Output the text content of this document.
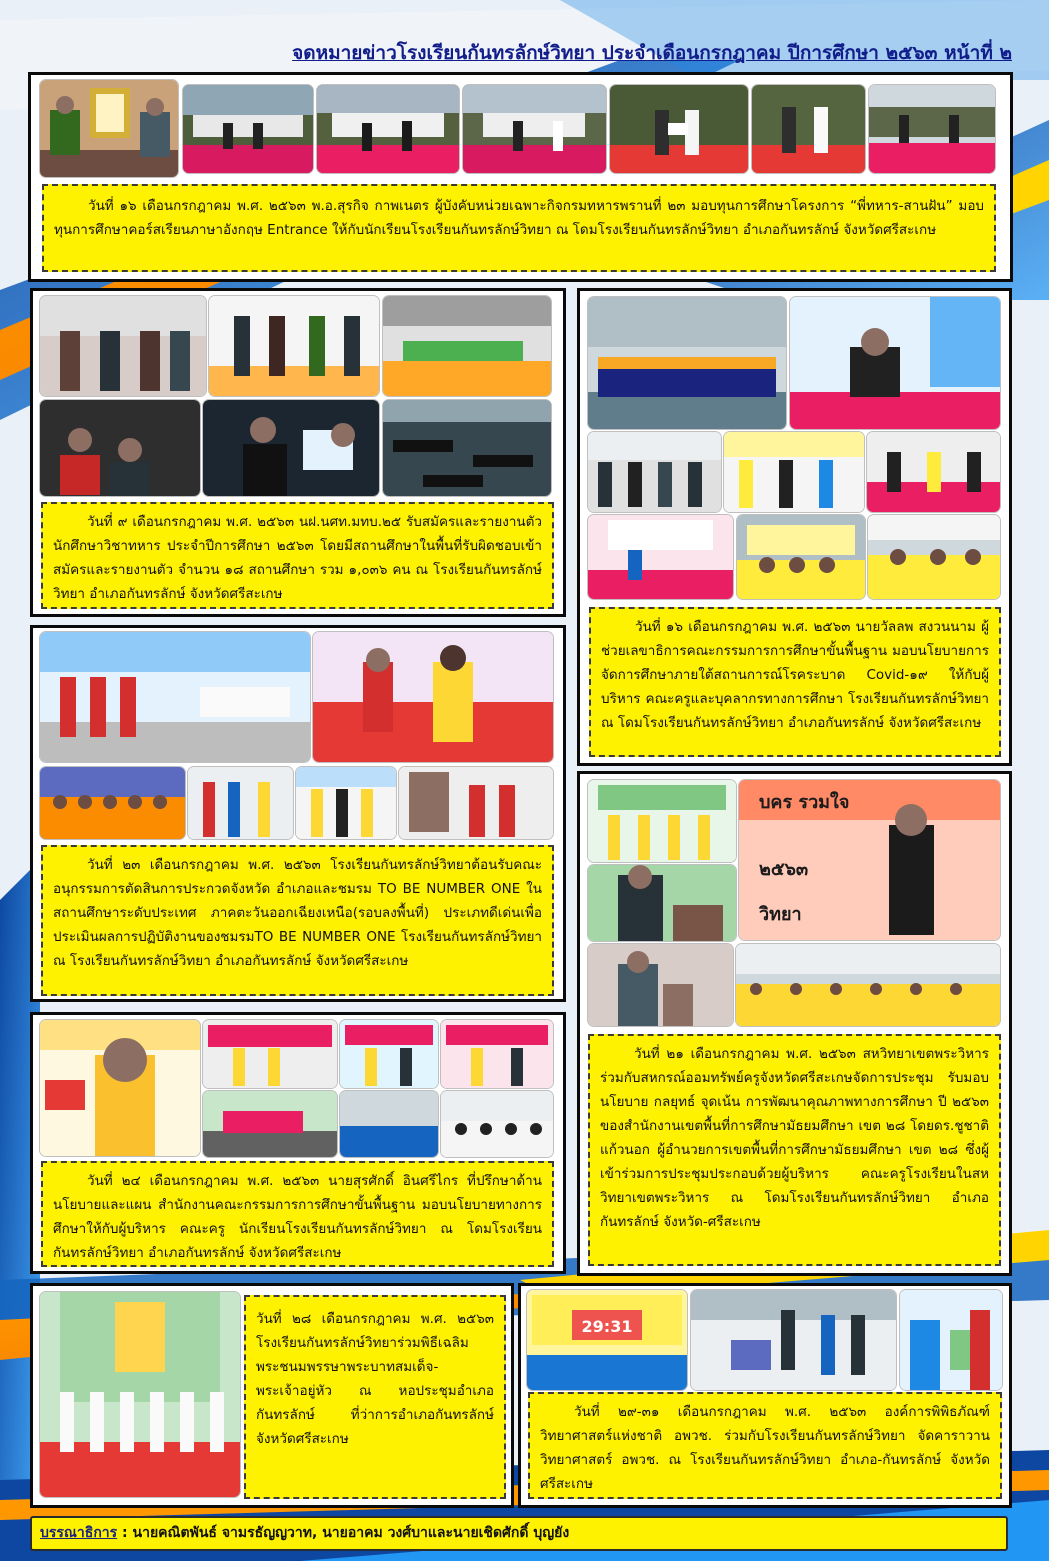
จดหมายข่าวโรงเรียนกันทรลักษ์วิทยา ประจำเดือนกรกฎาคม ปีการศึกษา ๒๕๖๓ หน้าที่ ๒

วันที่ ๑๖ เดือนกรกฎาคม พ.ศ. ๒๕๖๓ พ.อ.สุรกิจ กาพเนตร ผู้บังคับหน่วยเฉพาะกิจกรมทหารพรานที่ ๒๓ มอบทุนการศึกษาโครงการ “พี่ทหาร-สานฝัน” มอบทุนการศึกษาคอร์สเรียนภาษาอังกฤษ Entrance ให้กับนักเรียนโรงเรียนกันทรลักษ์วิทยา ณ โดมโรงเรียนกันทรลักษ์วิทยา อำเภอกันทรลักษ์ จังหวัดศรีสะเกษ

วันที่ ๙ เดือนกรกฎาคม พ.ศ. ๒๕๖๓ นฝ.นศท.มทบ.๒๕ รับสมัครและรายงานตัวนักศึกษาวิชาทหาร ประจำปีการศึกษา ๒๕๖๓ โดยมีสถานศึกษาในพื้นที่รับผิดชอบเข้าสมัครและรายงานตัว จำนวน ๑๘ สถานศึกษา รวม ๑,๐๓๖ คน ณ โรงเรียนกันทรลักษ์วิทยา อำเภอกันทรลักษ์ จังหวัดศรีสะเกษ

วันที่ ๑๖ เดือนกรกฎาคม พ.ศ. ๒๕๖๓ นายวัลลพ สงวนนาม ผู้ช่วยเลขาธิการคณะกรรมการการศึกษาขั้นพื้นฐาน มอบนโยบายการจัดการศึกษาภายใต้สถานการณ์โรคระบาด Covid-๑๙ ให้กับผู้บริหาร คณะครูและบุคลากรทางการศึกษา โรงเรียนกันทรลักษ์วิทยา ณ โดมโรงเรียนกันทรลักษ์วิทยา อำเภอกันทรลักษ์ จังหวัดศรีสะเกษ

วันที่ ๒๓ เดือนกรกฎาคม พ.ศ. ๒๕๖๓ โรงเรียนกันทรลักษ์วิทยาต้อนรับคณะอนุกรรมการตัดสินการประกวดจังหวัด อำเภอและชมรม TO BE NUMBER ONE ในสถานศึกษาระดับประเทศ ภาคตะวันออกเฉียงเหนือ(รอบลงพื้นที่) ประเภทดีเด่นเพื่อประเมินผลการปฏิบัติงานของชมรมTO BE NUMBER ONE โรงเรียนกันทรลักษ์วิทยา ณ โรงเรียนกันทรลักษ์วิทยา อำเภอกันทรลักษ์ จังหวัดศรีสะเกษ

บคร รวมใจ
๒๕๖๓
วิทยา

วันที่ ๒๑ เดือนกรกฎาคม พ.ศ. ๒๕๖๓ สหวิทยาเขตพระวิหาร ร่วมกับสหกรณ์ออมทรัพย์ครูจังหวัดศรีสะเกษจัดการประชุม รับมอบนโยบาย กลยุทธ์ จุดเน้น การพัฒนาคุณภาพทางการศึกษา ปี ๒๕๖๓ ของสำนักงานเขตพื้นที่การศึกษามัธยมศึกษา เขต ๒๘ โดยดร.ชูชาติ แก้วนอก ผู้อำนวยการเขตพื้นที่การศึกษามัธยมศึกษา เขต ๒๘ ซึ่งผู้เข้าร่วมการประชุมประกอบด้วยผู้บริหาร คณะครูโรงเรียนในสหวิทยาเขตพระวิหาร ณ โดมโรงเรียนกันทรลักษ์วิทยา อำเภอกันทรลักษ์ จังหวัด-ศรีสะเกษ

วันที่ ๒๔ เดือนกรกฎาคม พ.ศ. ๒๕๖๓ นายสุรศักดิ์ อินศรีไกร ที่ปรึกษาด้านนโยบายและแผน สำนักงานคณะกรรมการการศึกษาขั้นพื้นฐาน มอบนโยบายทางการศึกษาให้กับผู้บริหาร คณะครู นักเรียนโรงเรียนกันทรลักษ์วิทยา ณ โดมโรงเรียนกันทรลักษ์วิทยา อำเภอกันทรลักษ์ จังหวัดศรีสะเกษ

วันที่ ๒๘ เดือนกรกฎาคม พ.ศ. ๒๕๖๓ โรงเรียนกันทรลักษ์วิทยาร่วมพิธีเฉลิมพระชนมพรรษาพระบาทสมเด็จ-พระเจ้าอยู่หัว ณ หอประชุมอำเภอกันทรลักษ์ ที่ว่าการอำเภอกันทรลักษ์ จังหวัดศรีสะเกษ

29:31

วันที่ ๒๙-๓๑ เดือนกรกฎาคม พ.ศ. ๒๕๖๓ องค์การพิพิธภัณฑ์วิทยาศาสตร์แห่งชาติ อพวช. ร่วมกับโรงเรียนกันทรลักษ์วิทยา จัดคาราวานวิทยาศาสตร์ อพวช. ณ โรงเรียนกันทรลักษ์วิทยา อำเภอ-กันทรลักษ์ จังหวัดศรีสะเกษ

บรรณาธิการ : นายคณิตพันธ์ จามรธัญญวาท, นายอาคม วงศ์บาและนายเชิดศักดิ์ บุญยัง
